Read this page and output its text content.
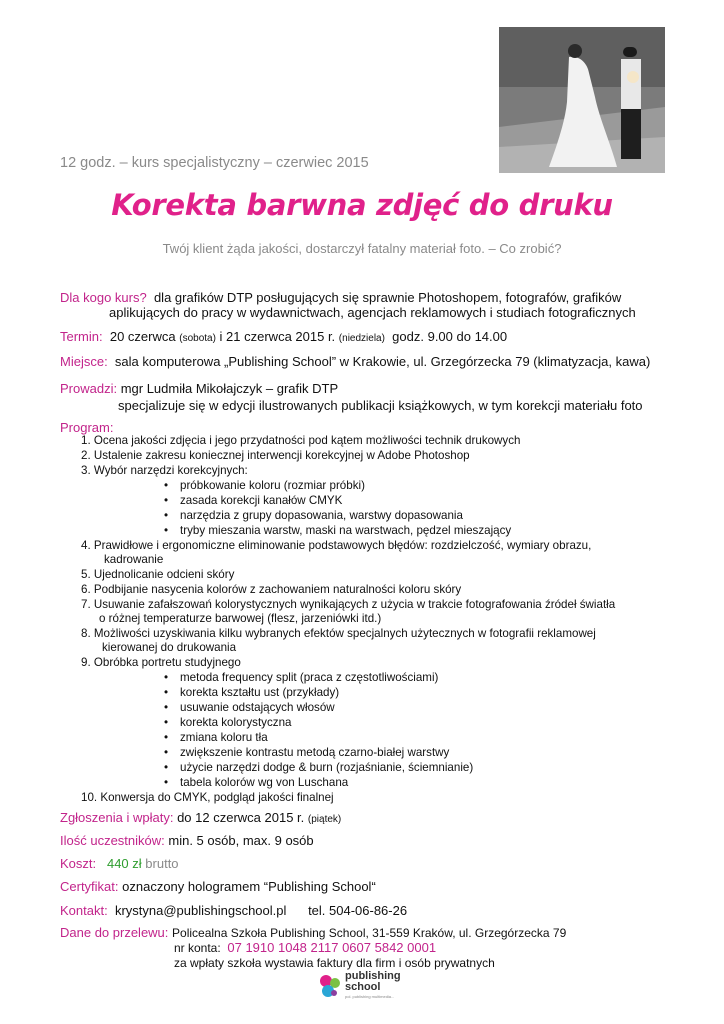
12 godz. – kurs specjalistyczny – czerwiec 2015
Korekta barwna zdjęć do druku
Twój klient żąda jakości, dostarczył fatalny materiał foto. – Co zrobić?
Dla kogo kurs? dla grafików DTP posługujących się sprawnie Photoshopem, fotografów, grafików
aplikujących do pracy w wydawnictwach, agencjach reklamowych i studiach fotograficznych
Termin: 20 czerwca (sobota) i 21 czerwca 2015 r. (niedziela) godz. 9.00 do 14.00
Miejsce: sala komputerowa „Publishing School” w Krakowie, ul. Grzegórzecka 79 (klimatyzacja, kawa)
Prowadzi: mgr Ludmiła Mikołajczyk – grafik DTP
specjalizuje się w edycji ilustrowanych publikacji książkowych, w tym korekcji materiału foto
Program:
1. Ocena jakości zdjęcia i jego przydatności pod kątem możliwości technik drukowych
2. Ustalenie zakresu koniecznej interwencji korekcyjnej w Adobe Photoshop
3. Wybór narzędzi korekcyjnych:
• próbkowanie koloru (rozmiar próbki)
• zasada korekcji kanałów CMYK
• narzędzia z grupy dopasowania, warstwy dopasowania
• tryby mieszania warstw, maski na warstwach, pędzel mieszający
4. Prawidłowe i ergonomiczne eliminowanie podstawowych błędów: rozdzielczość, wymiary obrazu,
kadrowanie
5. Ujednolicanie odcieni skóry
6. Podbijanie nasycenia kolorów z zachowaniem naturalności koloru skóry
7. Usuwanie zafałszowań kolorystycznych wynikających z użycia w trakcie fotografowania źródeł światła
o różnej temperaturze barwowej (flesz, jarzeniówki itd.)
8. Możliwości uzyskiwania kilku wybranych efektów specjalnych użytecznych w fotografii reklamowej
kierowanej do drukowania
9. Obróbka portretu studyjnego
• metoda frequency split (praca z częstotliwościami)
• korekta kształtu ust (przykłady)
• usuwanie odstających włosów
• korekta kolorystyczna
• zmiana koloru tła
• zwiększenie kontrastu metodą czarno-białej warstwy
• użycie narzędzi dodge & burn (rozjaśnianie, ściemnianie)
• tabela kolorów wg von Luschana
10. Konwersja do CMYK, podgląd jakości finalnej
Zgłoszenia i wpłaty: do 12 czerwca 2015 r. (piątek)
Ilość uczestników: min. 5 osób, max. 9 osób
Koszt: 440 zł brutto
Certyfikat: oznaczony hologramem “Publishing School“
Kontakt: krystyna@publishingschool.pl tel. 504-06-86-26
Dane do przelewu: Policealna Szkoła Publishing School, 31-559 Kraków, ul. Grzegórzecka 79
nr konta: 07 1910 1048 2117 0607 5842 0001
za wpłaty szkoła wystawia faktury dla firm i osób prywatnych
publishing
school
pol. publishing multimedia...
